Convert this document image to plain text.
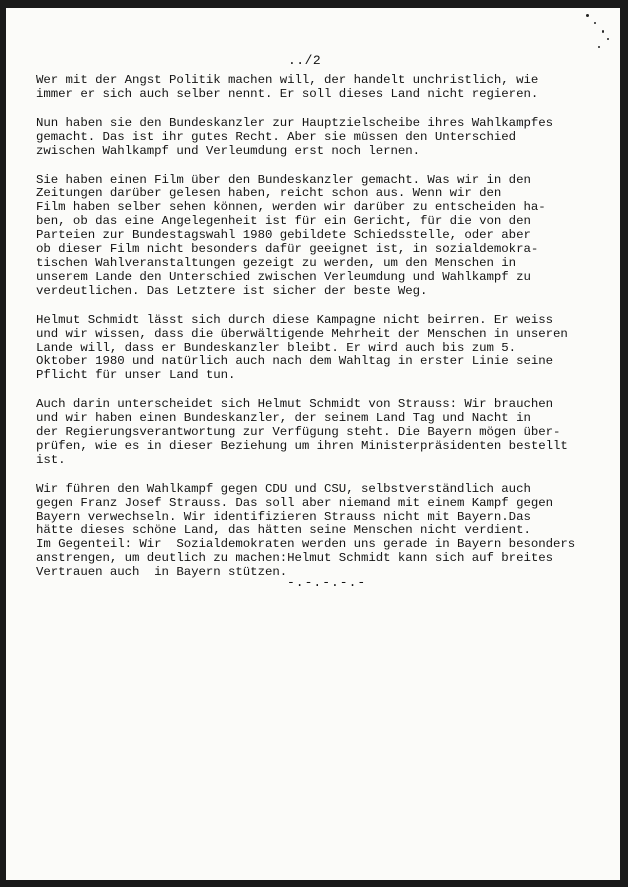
../2
Wer mit der Angst Politik machen will, der handelt unchristlich, wie
immer er sich auch selber nennt. Er soll dieses Land nicht regieren.
Nun haben sie den Bundeskanzler zur Hauptzielscheibe ihres Wahlkampfes
gemacht. Das ist ihr gutes Recht. Aber sie müssen den Unterschied
zwischen Wahlkampf und Verleumdung erst noch lernen.
Sie haben einen Film über den Bundeskanzler gemacht. Was wir in den
Zeitungen darüber gelesen haben, reicht schon aus. Wenn wir den
Film haben selber sehen können, werden wir darüber zu entscheiden ha-
ben, ob das eine Angelegenheit ist für ein Gericht, für die von den
Parteien zur Bundestagswahl 1980 gebildete Schiedsstelle, oder aber
ob dieser Film nicht besonders dafür geeignet ist, in sozialdemokra-
tischen Wahlveranstaltungen gezeigt zu werden, um den Menschen in
unserem Lande den Unterschied zwischen Verleumdung und Wahlkampf zu
verdeutlichen. Das Letztere ist sicher der beste Weg.
Helmut Schmidt lässt sich durch diese Kampagne nicht beirren. Er weiss
und wir wissen, dass die überwältigende Mehrheit der Menschen in unseren
Lande will, dass er Bundeskanzler bleibt. Er wird auch bis zum 5.
Oktober 1980 und natürlich auch nach dem Wahltag in erster Linie seine
Pflicht für unser Land tun.
Auch darin unterscheidet sich Helmut Schmidt von Strauss: Wir brauchen
und wir haben einen Bundeskanzler, der seinem Land Tag und Nacht in
der Regierungsverantwortung zur Verfügung steht. Die Bayern mögen über-
prüfen, wie es in dieser Beziehung um ihren Ministerpräsidenten bestellt
ist.
Wir führen den Wahlkampf gegen CDU und CSU, selbstverständlich auch
gegen Franz Josef Strauss. Das soll aber niemand mit einem Kampf gegen
Bayern verwechseln. Wir identifizieren Strauss nicht mit Bayern.Das
hätte dieses schöne Land, das hätten seine Menschen nicht verdient.
Im Gegenteil: Wir  Sozialdemokraten werden uns gerade in Bayern besonders
anstrengen, um deutlich zu machen:Helmut Schmidt kann sich auf breites
Vertrauen auch  in Bayern stützen.
-.-.-.-.-
